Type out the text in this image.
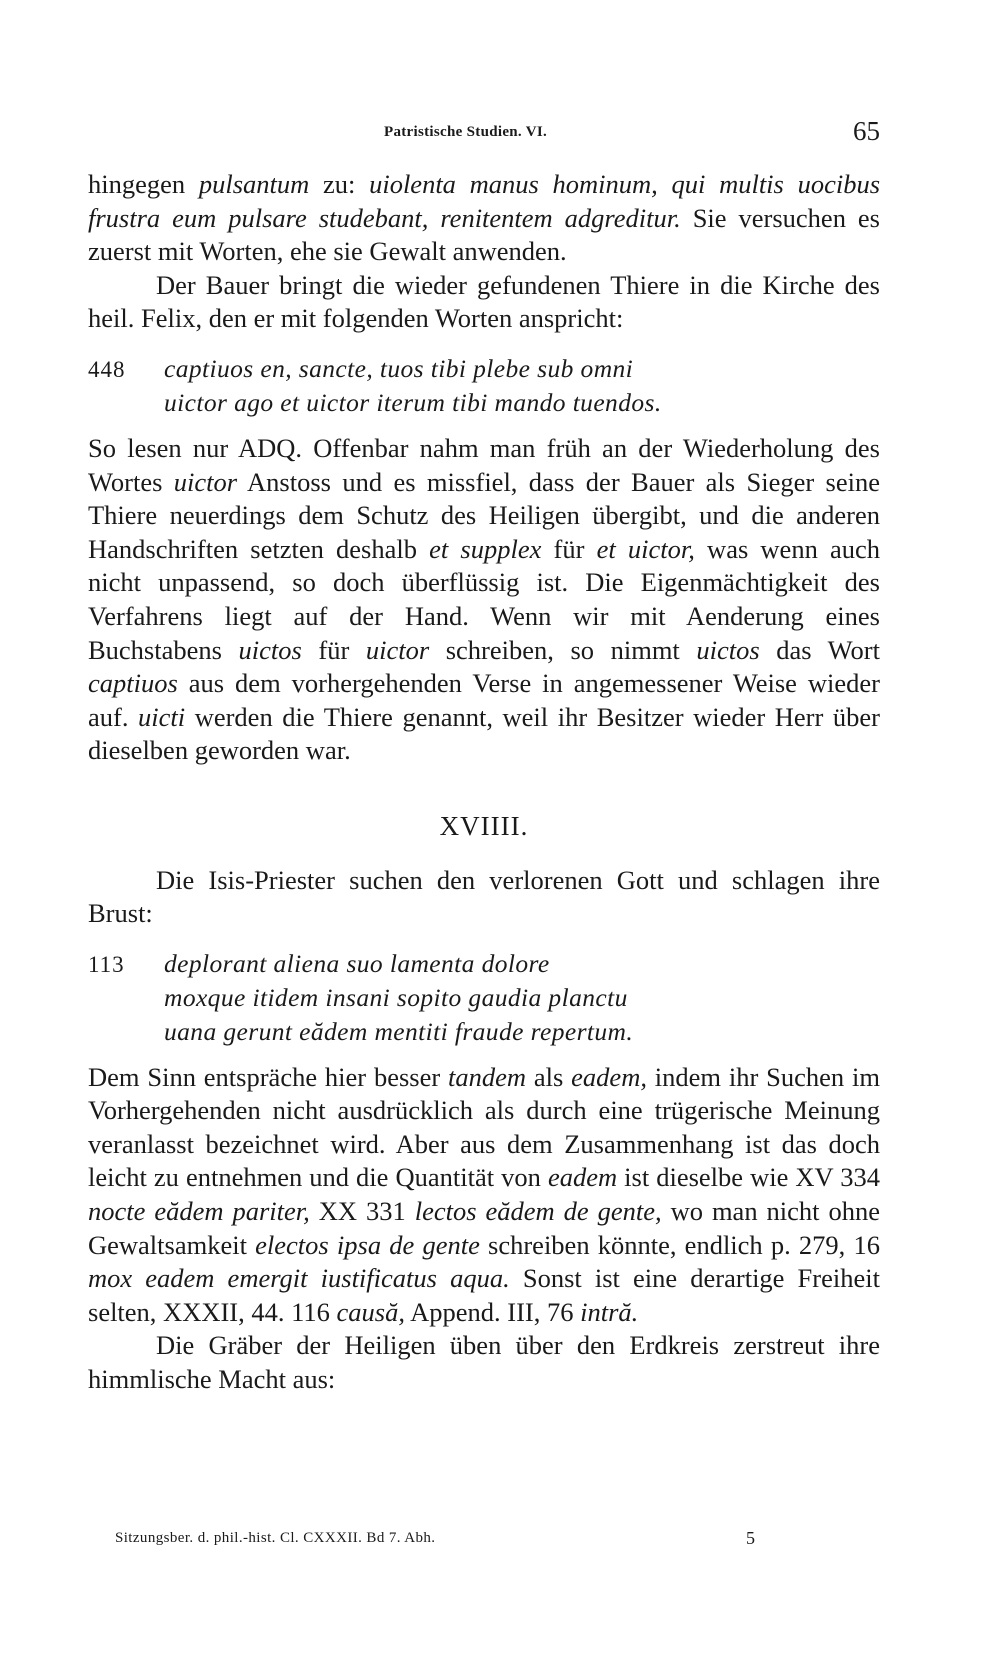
Patristische Studien. VI.	65

hingegen pulsantum zu: uiolenta manus hominum, qui multis uocibus frustra eum pulsare studebant, renitentem adgreditur. Sie versuchen es zuerst mit Worten, ehe sie Gewalt anwenden.

Der Bauer bringt die wieder gefundenen Thiere in die Kirche des heil. Felix, den er mit folgenden Worten anspricht:

448	captiuos en, sancte, tuos tibi plebe sub omni
uictor ago et uictor iterum tibi mando tuendos.

So lesen nur ADQ. Offenbar nahm man früh an der Wiederholung des Wortes uictor Anstoss und es missfiel, dass der Bauer als Sieger seine Thiere neuerdings dem Schutz des Heiligen übergibt, und die anderen Handschriften setzten deshalb et supplex für et uictor, was wenn auch nicht unpassend, so doch überflüssig ist. Die Eigenmächtigkeit des Verfahrens liegt auf der Hand. Wenn wir mit Aenderung eines Buchstabens uictos für uictor schreiben, so nimmt uictos das Wort captiuos aus dem vorhergehenden Verse in angemessener Weise wieder auf. uicti werden die Thiere genannt, weil ihr Besitzer wieder Herr über dieselben geworden war.

XVIIII.

Die Isis-Priester suchen den verlorenen Gott und schlagen ihre Brust:

113	deplorant aliena suo lamenta dolore
moxque itidem insani sopito gaudia planctu
uana gerunt eădem mentiti fraude repertum.

Dem Sinn entspräche hier besser tandem als eadem, indem ihr Suchen im Vorhergehenden nicht ausdrücklich als durch eine trügerische Meinung veranlasst bezeichnet wird. Aber aus dem Zusammenhang ist das doch leicht zu entnehmen und die Quantität von eadem ist dieselbe wie XV 334 nocte eădem pariter, XX 331 lectos eădem de gente, wo man nicht ohne Gewaltsamkeit electos ipsa de gente schreiben könnte, endlich p. 279, 16 mox eadem emergit iustificatus aqua. Sonst ist eine derartige Freiheit selten, XXXII, 44. 116 causă, Append. III, 76 intră.

Die Gräber der Heiligen üben über den Erdkreis zerstreut ihre himmlische Macht aus:

Sitzungsber. d. phil.-hist. Cl. CXXXII. Bd 7. Abh.	5
